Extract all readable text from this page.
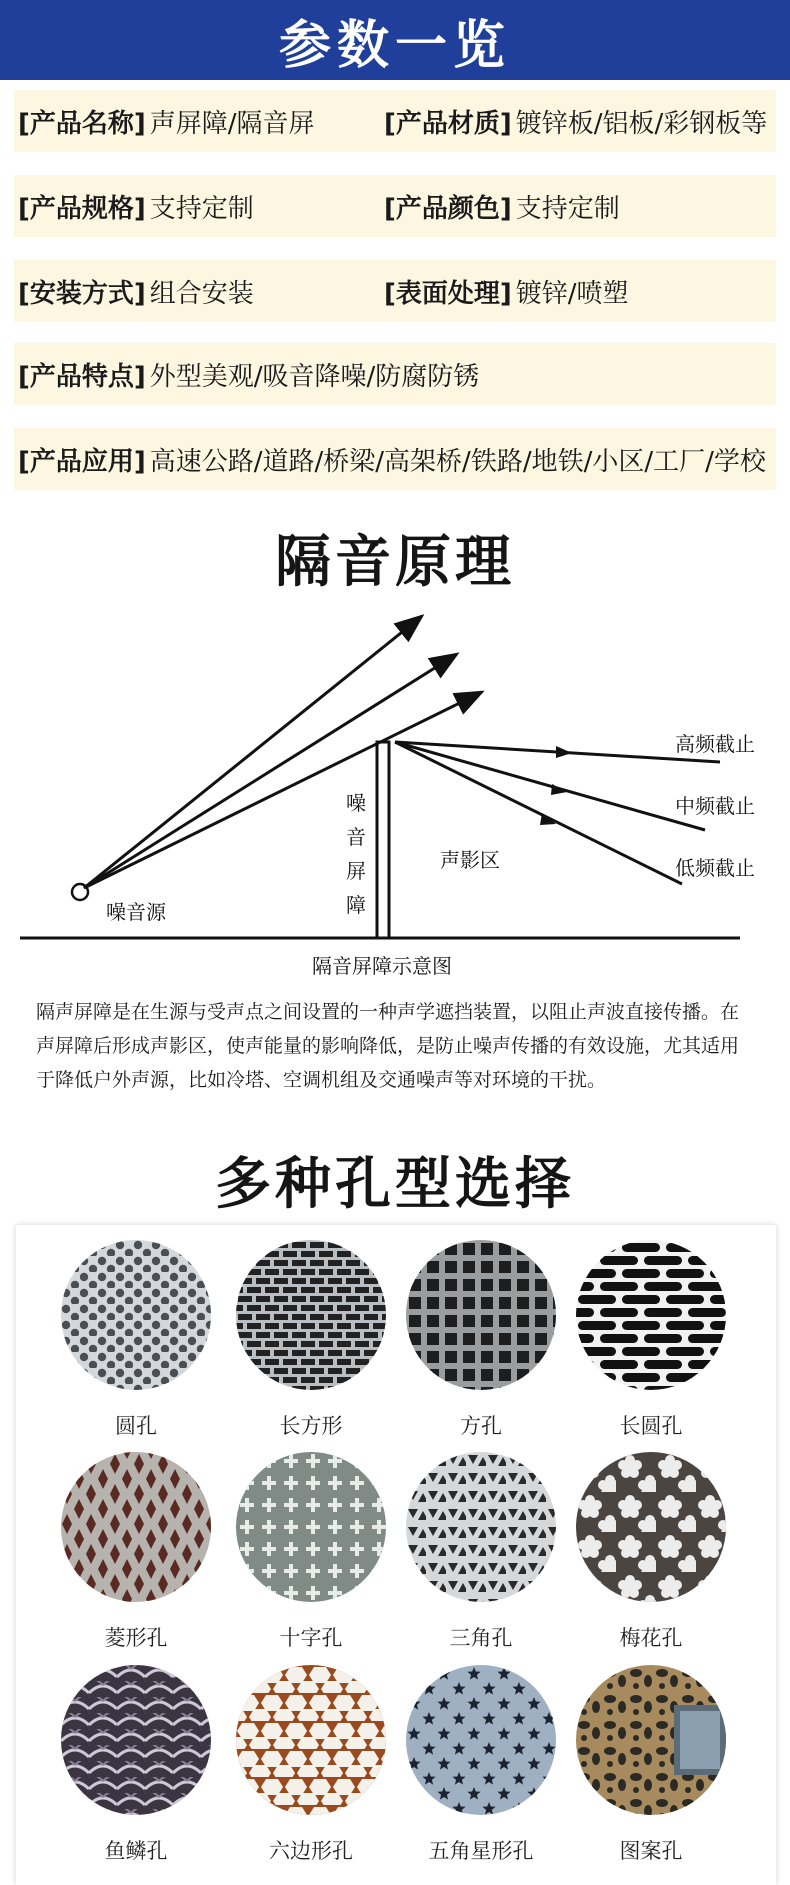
参数一览
[产品名称] 声屏障/隔音屏	[产品材质] 镀锌板/铝板/彩钢板等
[产品规格] 支持定制	[产品颜色] 支持定制
[安装方式] 组合安装	[表面处理] 镀锌/喷塑
[产品特点] 外型美观/吸音降噪/防腐防锈
[产品应用] 高速公路/道路/桥梁/高架桥/铁路/地铁/小区/工厂/学校
隔音原理
高频截止
中频截止
低频截止
噪音源
声影区
噪
音
屏
障
隔音屏障示意图
隔声屏障是在生源与受声点之间设置的一种声学遮挡装置，以阻止声波直接传播。在声屏障后形成声影区，使声能量的影响降低，是防止噪声传播的有效设施，尤其适用于降低户外声源，比如冷塔、空调机组及交通噪声等对环境的干扰。
多种孔型选择
圆孔	长方形	方孔	长圆孔
菱形孔	十字孔	三角孔	梅花孔
鱼鳞孔	六边形孔	五角星形孔	图案孔
